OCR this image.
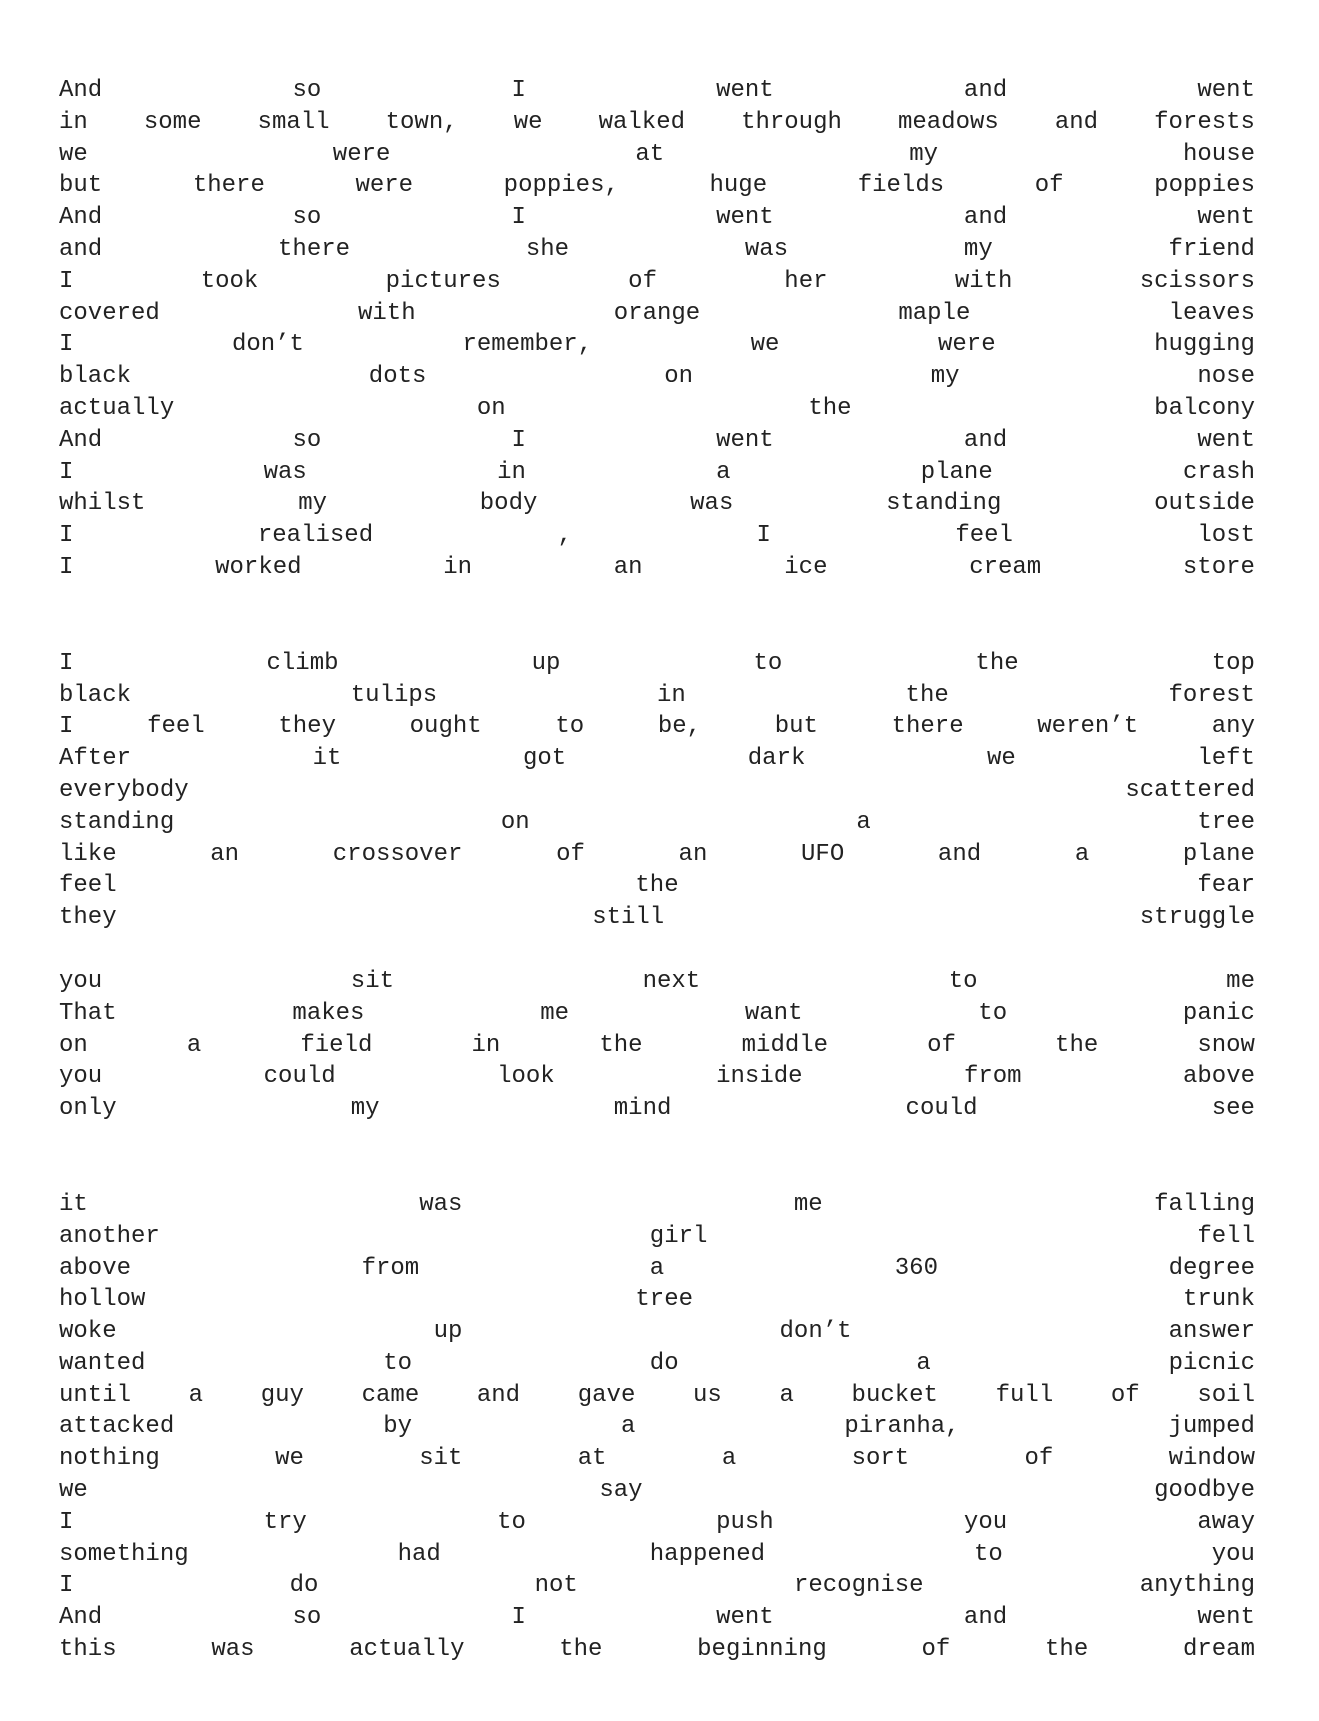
And	so	I	went	and	went
in some small town, we walked through meadows and forests
we	were	at	my	house
but	there	were	poppies,	huge	fields	of	poppies
And	so	I	went	and	went
and	there	she	was	my	friend
I	took	pictures	of	her	with	scissors
covered	with	orange	maple	leaves
I	don’t	remember,	we	were	hugging
black	dots	on	my	nose
actually	on	the	balcony
And	so	I	went	and	went
I	was	in	a	plane	crash
whilst	my	body	was	standing	outside
I	realised	,	I	feel	lost
I	worked	in	an	ice	cream	store
I	climb	up	to	the	top
black	tulips	in	the	forest
I	feel	they	ought	to	be,	but	there	weren’t	any
After	it	got	dark	we	left
everybody	scattered
standing	on	a	tree
like	an	crossover	of	an	UFO	and	a	plane
feel	the	fear
they	still	struggle
you	sit	next	to	me
That	makes	me	want	to	panic
on	a	field	in	the	middle	of	the	snow
you	could	look	inside	from	above
only	my	mind	could	see
it	was	me	falling
another	girl	fell
above	from	a	360	degree
hollow	tree	trunk
woke	up	don’t	answer
wanted	to	do	a	picnic
until a guy came and gave us a bucket full of soil
attacked	by	a	piranha,	jumped
nothing	we	sit	at	a	sort	of	window
we	say	goodbye
I	try	to	push	you	away
something	had	happened	to	you
I	do	not	recognise	anything
And	so	I	went	and	went
this	was	actually	the	beginning	of	the	dream
